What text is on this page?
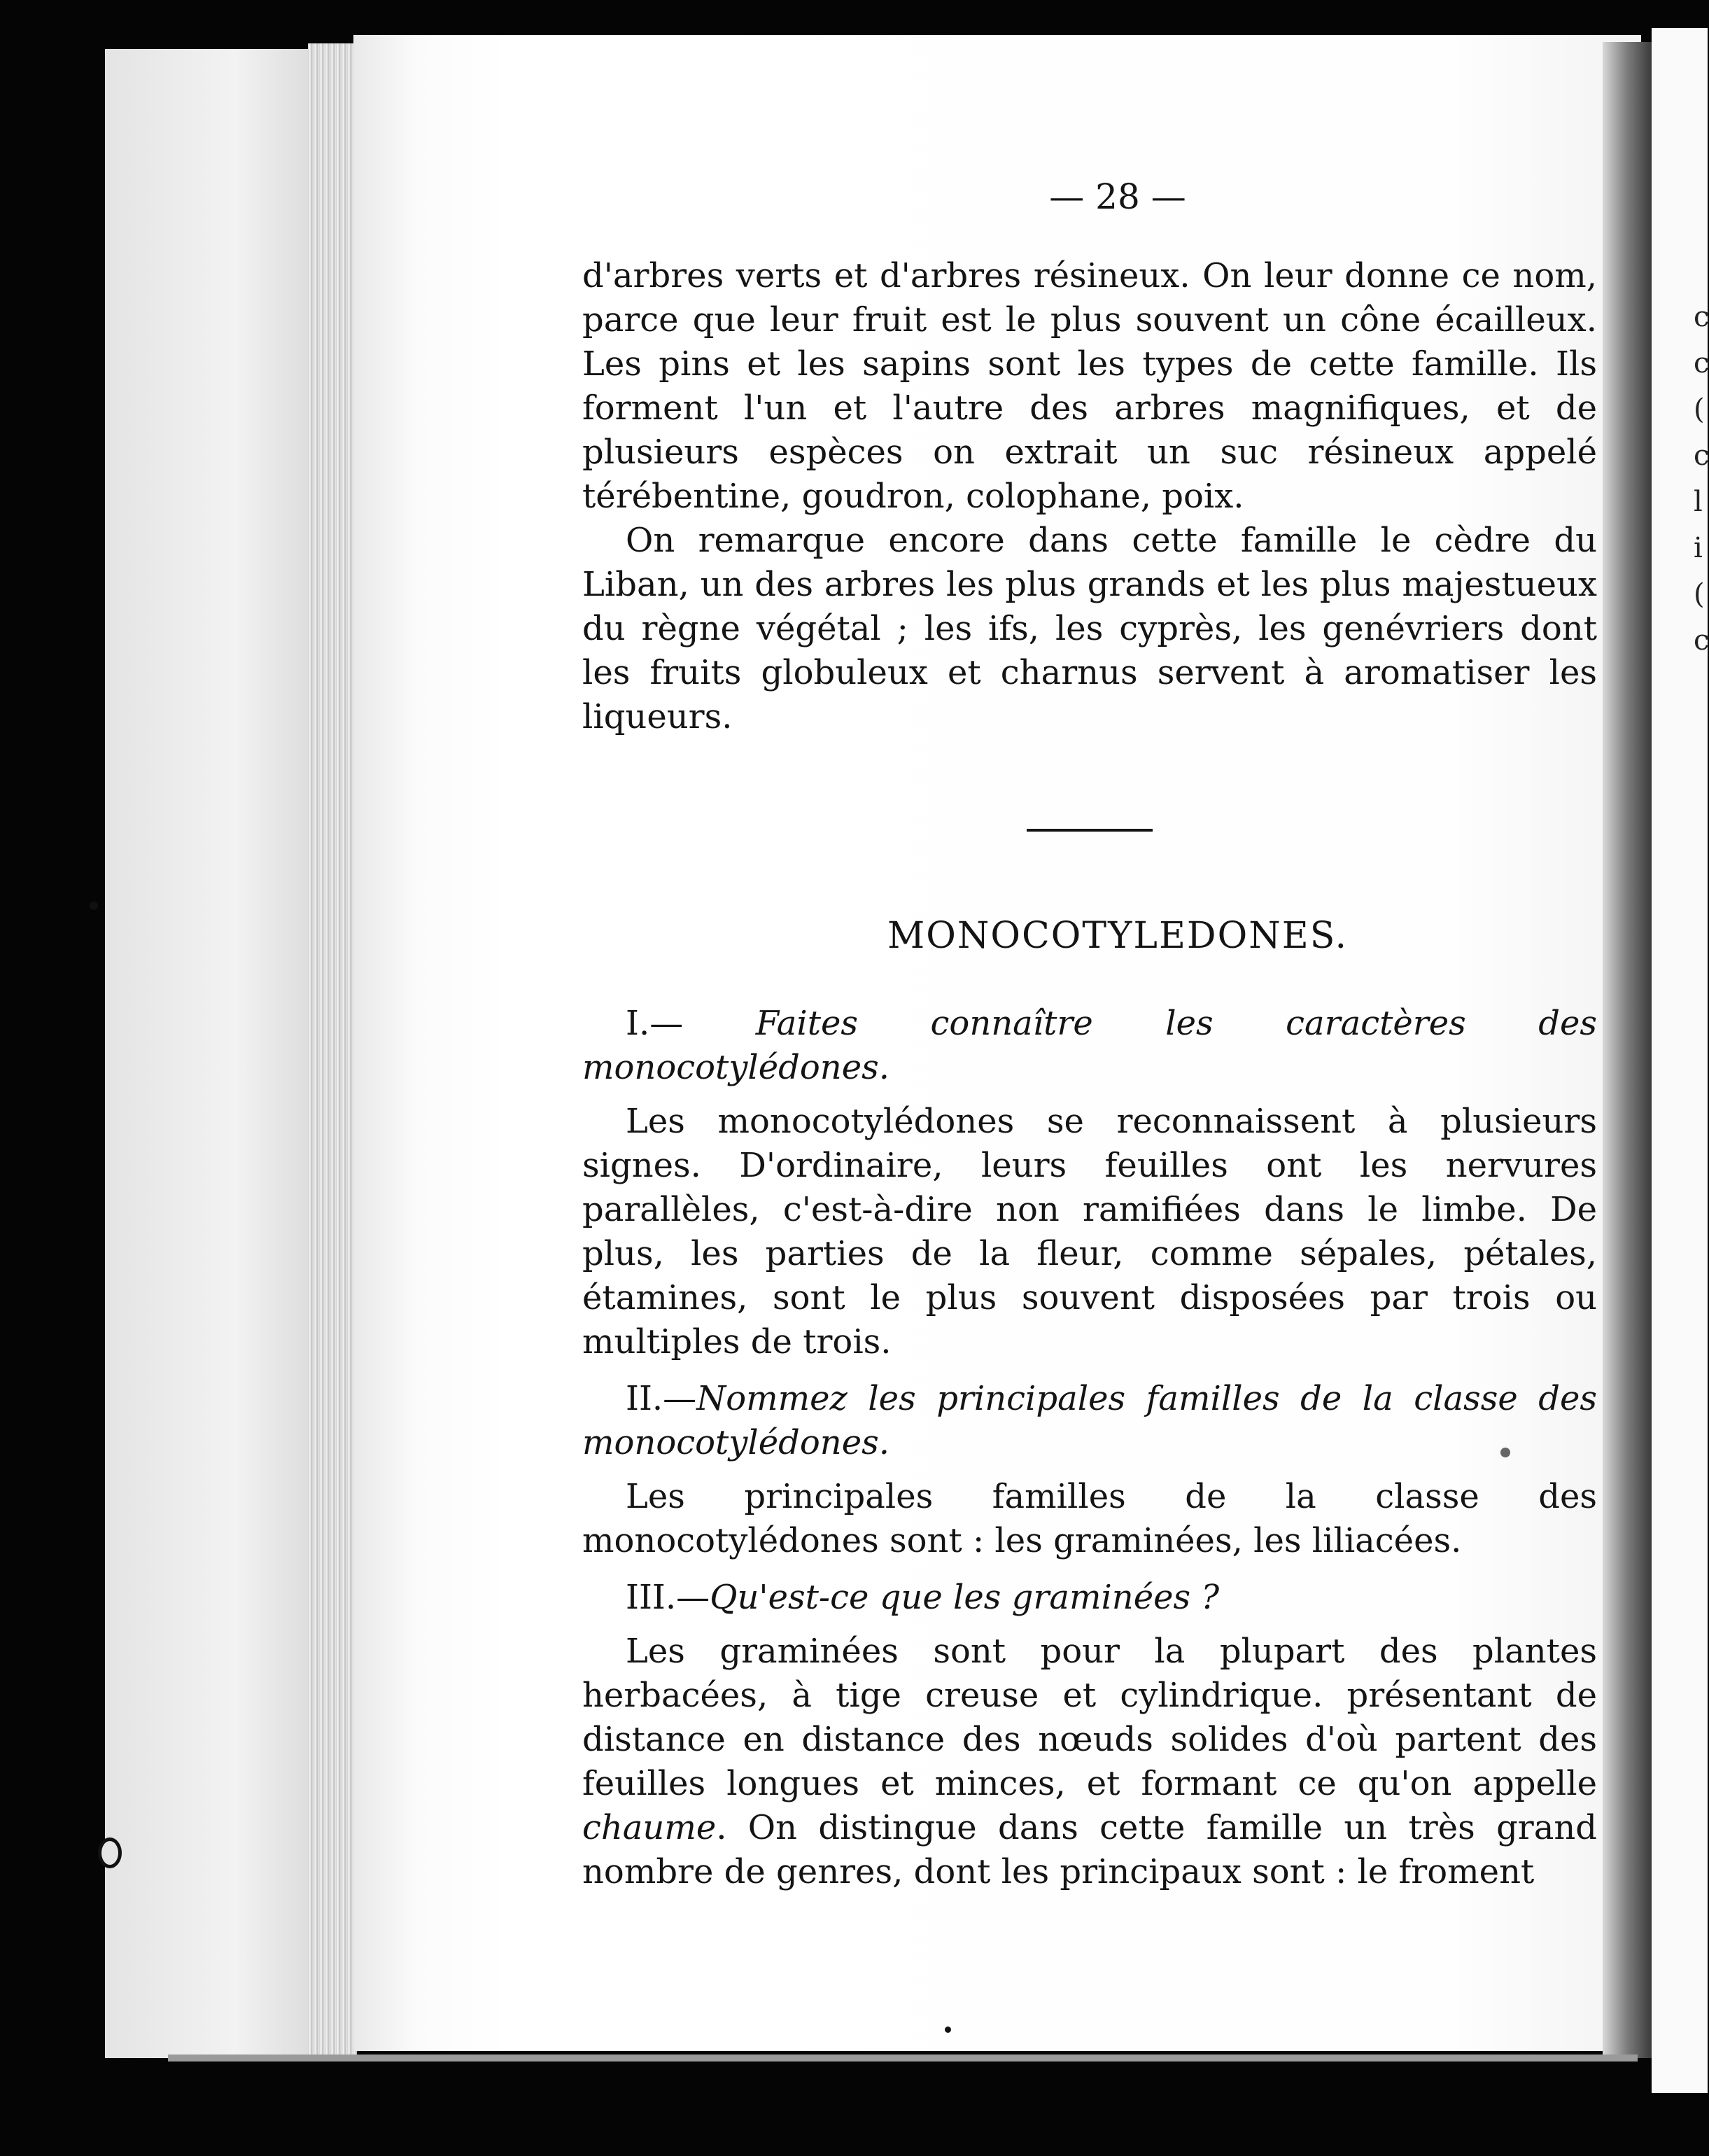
c
c
(
c
l
i
(
c
— 28 —

d'arbres verts et d'arbres résineux. On leur donne ce nom, parce que leur fruit est le plus souvent un cône écailleux. Les pins et les sapins sont les types de cette famille. Ils forment l'un et l'autre des arbres magnifiques, et de plusieurs espèces on extrait un suc résineux appelé térébentine, goudron, colophane, poix.

On remarque encore dans cette famille le cèdre du Liban, un des arbres les plus grands et les plus majestueux du règne végétal ; les ifs, les cyprès, les genévriers dont les fruits globuleux et charnus servent à aromatiser les liqueurs.

MONOCOTYLEDONES.

I.— Faites connaître les caractères des monocotylédones.

Les monocotylédones se reconnaissent à plusieurs signes. D'ordinaire, leurs feuilles ont les nervures parallèles, c'est-à-dire non ramifiées dans le limbe. De plus, les parties de la fleur, comme sépales, pétales, étamines, sont le plus souvent disposées par trois ou multiples de trois.

II.—Nommez les principales familles de la classe des monocotylédones.

Les principales familles de la classe des monocotylédones sont : les graminées, les liliacées.

III.—Qu'est-ce que les graminées ?

Les graminées sont pour la plupart des plantes herbacées, à tige creuse et cylindrique. présentant de distance en distance des nœuds solides d'où partent des feuilles longues et minces, et formant ce qu'on appelle chaume. On distingue dans cette famille un très grand nombre de genres, dont les principaux sont : le froment
